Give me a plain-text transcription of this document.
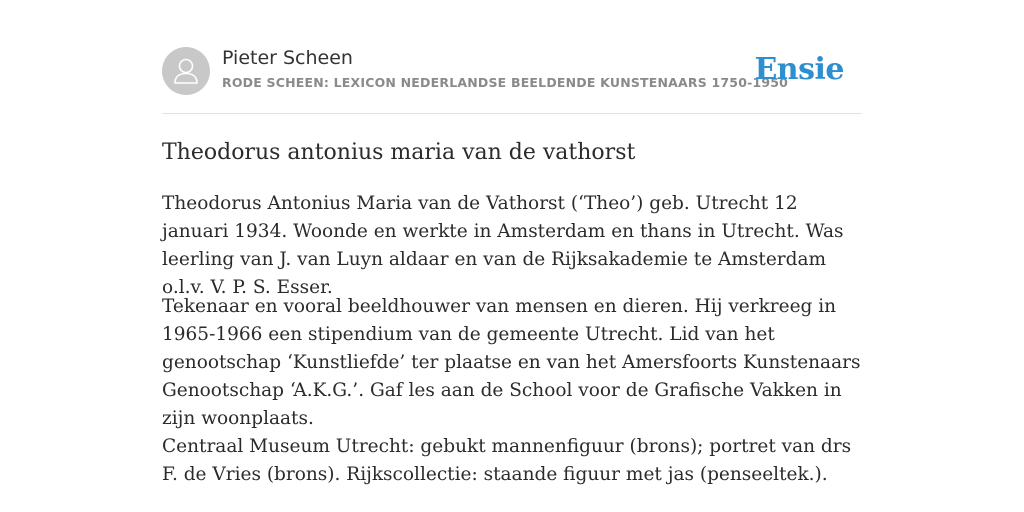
Pieter Scheen
RODE SCHEEN: LEXICON NEDERLANDSE BEELDENDE KUNSTENAARS 1750-1950
Ensie
Theodorus antonius maria van de vathorst

Theodorus Antonius Maria van de Vathorst (‘Theo’) geb. Utrecht 12 januari 1934. Woonde en werkte in Amsterdam en thans in Utrecht. Was leerling van J. van Luyn aldaar en van de Rijksakademie te Amsterdam o.l.v. V. P. S. Esser.

Tekenaar en vooral beeldhouwer van mensen en dieren. Hij verkreeg in 1965-1966 een stipendium van de gemeente Utrecht. Lid van het genootschap ‘Kunstliefde’ ter plaatse en van het Amersfoorts Kunstenaars Genootschap ‘A.K.G.’. Gaf les aan de School voor de Grafische Vakken in zijn woonplaats.

Centraal Museum Utrecht: gebukt mannenfiguur (brons); portret van drs F. de Vries (brons). Rijkscollectie: staande figuur met jas (penseeltek.).
